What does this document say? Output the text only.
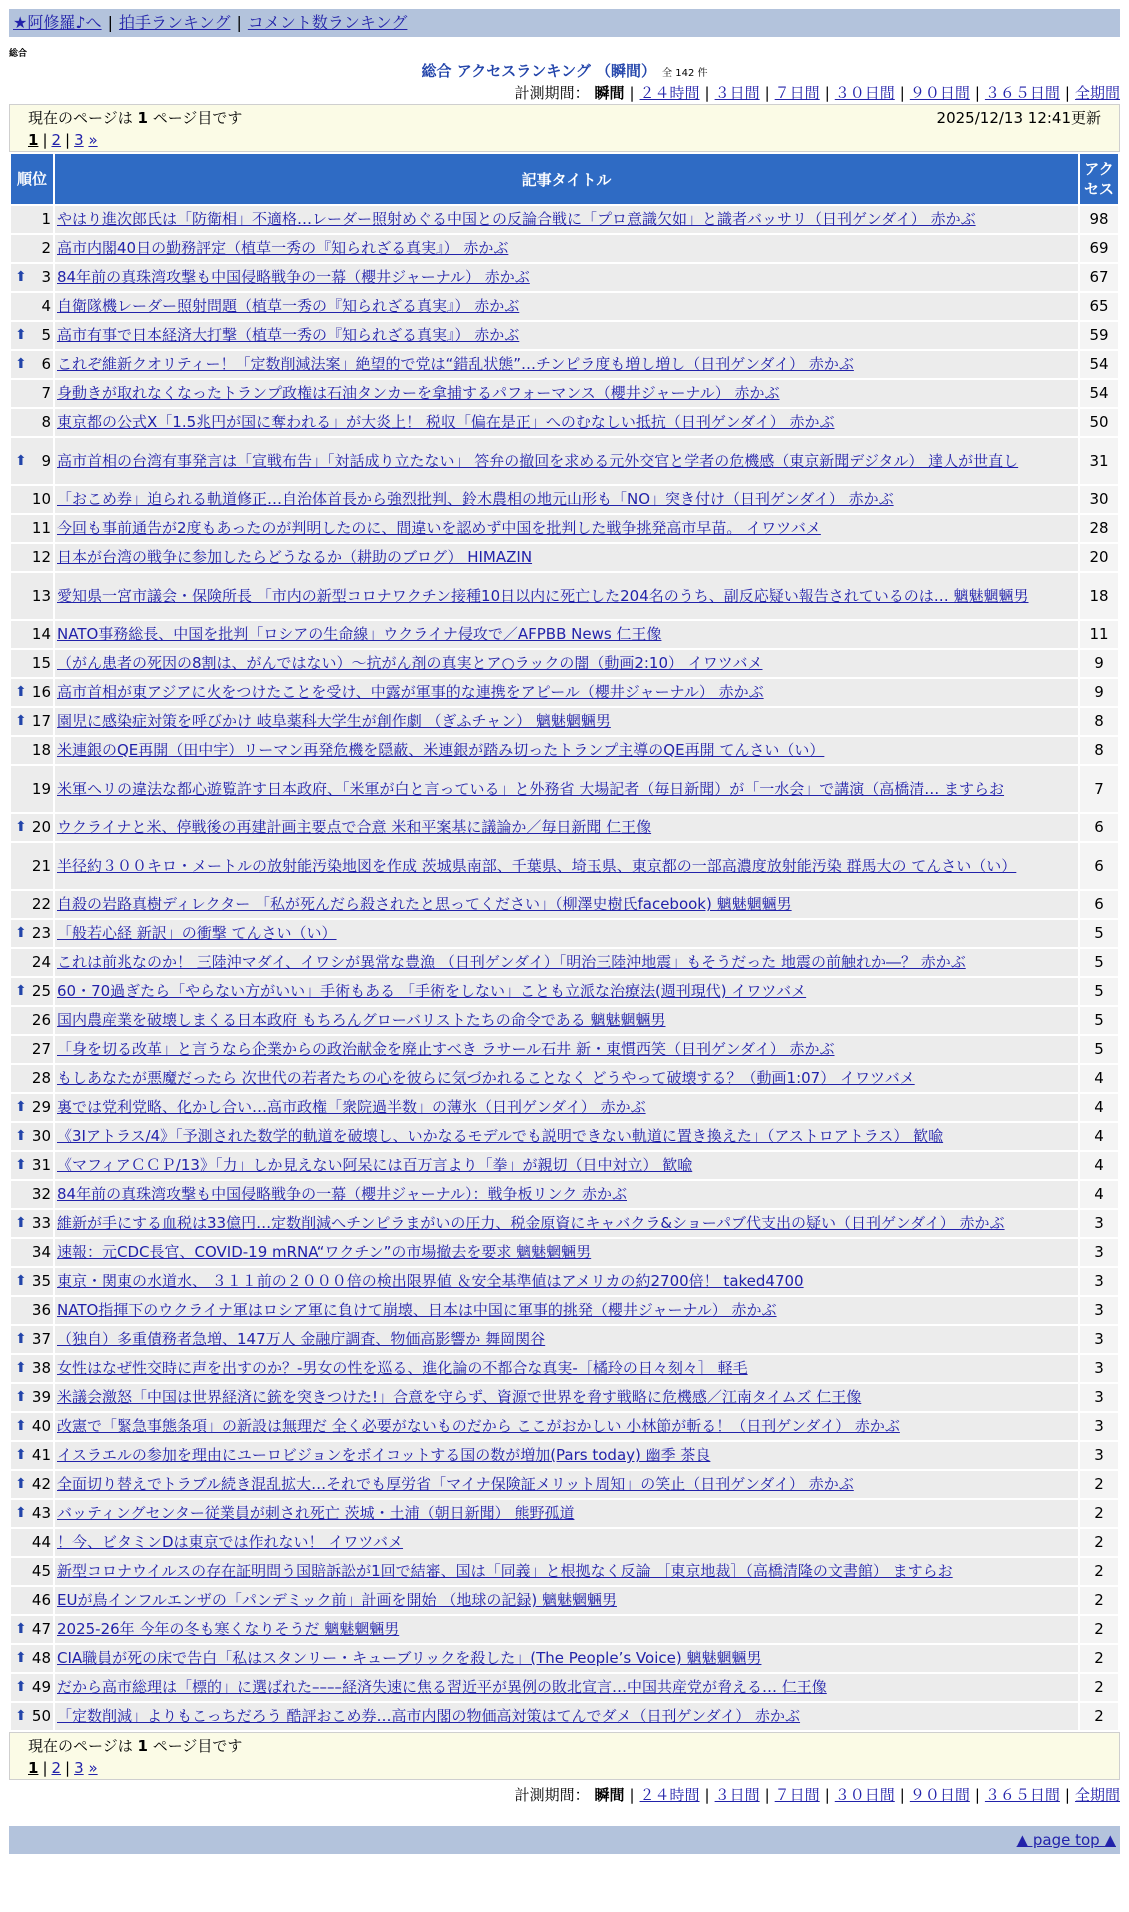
★阿修羅♪へ | 拍手ランキング | コメント数ランキング
総合
総合 アクセスランキング （瞬間） 全 142 件
計測期間： 瞬間 | ２４時間 | ３日間 | ７日間 | ３０日間 | ９０日間 | ３６５日間 | 全期間
現在のページは 1 ページ目です	2025/12/13 12:41更新
1 | 2 | 3 »
順位	記事タイトル	アクセス
1	やはり進次郎氏は「防衛相」不適格…レーダー照射めぐる中国との反論合戦に「プロ意識欠如」と識者バッサリ（日刊ゲンダイ） 赤かぶ	98
2	高市内閣40日の勤務評定（植草一秀の『知られざる真実』） 赤かぶ	69

⬆ 3	84年前の真珠湾攻撃も中国侵略戦争の一幕（櫻井ジャーナル） 赤かぶ	67
4	自衛隊機レーダー照射問題（植草一秀の『知られざる真実』） 赤かぶ	65

⬆ 5	高市有事で日本経済大打撃（植草一秀の『知られざる真実』） 赤かぶ	59

⬆ 6	これぞ維新クオリティー！「定数削減法案」絶望的で党は“錯乱状態”…チンピラ度も増し増し（日刊ゲンダイ） 赤かぶ	54
7	身動きが取れなくなったトランプ政権は石油タンカーを拿捕するパフォーマンス（櫻井ジャーナル） 赤かぶ	54
8	東京都の公式X「1.5兆円が国に奪われる」が大炎上！ 税収「偏在是正」へのむなしい抵抗（日刊ゲンダイ） 赤かぶ	50

⬆ 9	高市首相の台湾有事発言は「宣戦布告」「対話成り立たない」 答弁の撤回を求める元外交官と学者の危機感（東京新聞デジタル） 達人が世直し	31
10	「おこめ券」迫られる軌道修正…自治体首長から強烈批判、鈴木農相の地元山形も「NO」突き付け（日刊ゲンダイ） 赤かぶ	30
11	今回も事前通告が2度もあったのが判明したのに、間違いを認めず中国を批判した戦争挑発高市早苗。 イワツバメ	28
12	日本が台湾の戦争に参加したらどうなるか（耕助のブログ） HIMAZIN	20
13	愛知県一宮市議会・保険所長 「市内の新型コロナワクチン接種10日以内に死亡した204名のうち、副反応疑い報告されているのは… 魑魅魍魎男	18
14	NATO事務総長、中国を批判「ロシアの生命線」ウクライナ侵攻で／AFPBB News 仁王像	11
15	（がん患者の死因の8割は、がんではない）～抗がん剤の真実とア○ラックの闇（動画2:10） イワツバメ	9

⬆ 16	高市首相が東アジアに火をつけたことを受け、中露が軍事的な連携をアピール（櫻井ジャーナル） 赤かぶ	9

⬆ 17	園児に感染症対策を呼びかけ 岐阜薬科大学生が創作劇 （ぎふチャン） 魑魅魍魎男	8
18	米連銀のQE再開（田中宇）リーマン再発危機を隠蔽、米連銀が踏み切ったトランプ主導のQE再開 てんさい（い）	8
19	米軍ヘリの違法な都心遊覧許す日本政府、「米軍が白と言っている」と外務省 大場記者（毎日新聞）が「一水会」で講演（高橋清… ますらお	7

⬆ 20	ウクライナと米、停戦後の再建計画主要点で合意 米和平案基に議論か／毎日新聞 仁王像	6
21	半径約３００キロ・メートルの放射能汚染地図を作成 茨城県南部、千葉県、埼玉県、東京都の一部高濃度放射能汚染 群馬大の てんさい（い）	6
22	自殺の岩路真樹ディレクター 「私が死んだら殺されたと思ってください」（柳澤史樹氏facebook) 魑魅魍魎男	6

⬆ 23	「般若心経 新訳」の衝撃 てんさい（い）	5
24	これは前兆なのか！ 三陸沖マダイ、イワシが異常な豊漁 （日刊ゲンダイ）「明治三陸沖地震」もそうだった 地震の前触れか―？ 赤かぶ	5

⬆ 25	60・70過ぎたら「やらない方がいい」手術もある 「手術をしない」ことも立派な治療法(週刊現代) イワツバメ	5
26	国内農産業を破壊しまくる日本政府 もちろんグローバリストたちの命令である 魑魅魍魎男	5
27	「身を切る改革」と言うなら企業からの政治献金を廃止すべき ラサール石井 新・東慣西笑（日刊ゲンダイ） 赤かぶ	5
28	もしあなたが悪魔だったら 次世代の若者たちの心を彼らに気づかれることなく どうやって破壊する？（動画1:07） イワツバメ	4

⬆ 29	裏では党利党略、化かし合い…高市政権「衆院過半数」の薄氷（日刊ゲンダイ） 赤かぶ	4

⬆ 30	《3Iアトラス/4》「予測された数学的軌道を破壊し、いかなるモデルでも説明できない軌道に置き換えた」（アストロアトラス） 歓喩	4

⬆ 31	《マフィアＣＣＰ/13》「力」しか見えない阿呆には百万言より「拳」が親切（日中対立） 歓喩	4
32	84年前の真珠湾攻撃も中国侵略戦争の一幕（櫻井ジャーナル）：戦争板リンク 赤かぶ	4

⬆ 33	維新が手にする血税は33億円…定数削減へチンピラまがいの圧力、税金原資にキャバクラ&ショーパブ代支出の疑い（日刊ゲンダイ） 赤かぶ	3
34	速報：元CDC長官、COVID-19 mRNA“ワクチン”の市場撤去を要求 魑魅魍魎男	3

⬆ 35	東京・関東の水道水、 ３１１前の２０００倍の検出限界値 ＆安全基準値はアメリカの約2700倍！ taked4700	3
36	NATO指揮下のウクライナ軍はロシア軍に負けて崩壊、日本は中国に軍事的挑発（櫻井ジャーナル） 赤かぶ	3

⬆ 37	（独自）多重債務者急増、147万人 金融庁調査、物価高影響か 舞岡関谷	3

⬆ 38	女性はなぜ性交時に声を出すのか？-男女の性を巡る、進化論の不都合な真実-［橘玲の日々刻々］ 軽毛	3

⬆ 39	米議会激怒「中国は世界経済に銃を突きつけた!」合意を守らず、資源で世界を脅す戦略に危機感／江南タイムズ 仁王像	3

⬆ 40	改憲で「緊急事態条項」の新設は無理だ 全く必要がないものだから ここがおかしい 小林節が斬る！（日刊ゲンダイ） 赤かぶ	3

⬆ 41	イスラエルの参加を理由にユーロビジョンをボイコットする国の数が増加(Pars today) 幽季 茶良	3

⬆ 42	全面切り替えでトラブル続き混乱拡大…それでも厚労省「マイナ保険証メリット周知」の笑止（日刊ゲンダイ） 赤かぶ	2

⬆ 43	バッティングセンター従業員が刺され死亡 茨城・土浦（朝日新聞） 熊野孤道	2
44	！今、ビタミンDは東京では作れない！ イワツバメ	2
45	新型コロナウイルスの存在証明問う国賠訴訟が1回で結審、国は「同義」と根拠なく反論 ［東京地裁］（高橋清隆の文書館） ますらお	2
46	EUが鳥インフルエンザの「パンデミック前」計画を開始 （地球の記録) 魑魅魍魎男	2

⬆ 47	2025-26年 今年の冬も寒くなりそうだ 魑魅魍魎男	2

⬆ 48	CIA職員が死の床で告白「私はスタンリー・キューブリックを殺した」(The People’s Voice) 魑魅魍魎男	2

⬆ 49	だから高市総理は「標的」に選ばれた––––経済失速に焦る習近平が異例の敗北宣言…中国共産党が脅える… 仁王像	2

⬆ 50	「定数削減」よりもこっちだろう 酷評おこめ券…高市内閣の物価高対策はてんでダメ（日刊ゲンダイ） 赤かぶ	2
現在のページは 1 ページ目です
1 | 2 | 3 »
計測期間： 瞬間 | ２４時間 | ３日間 | ７日間 | ３０日間 | ９０日間 | ３６５日間 | 全期間
▲ page top ▲
